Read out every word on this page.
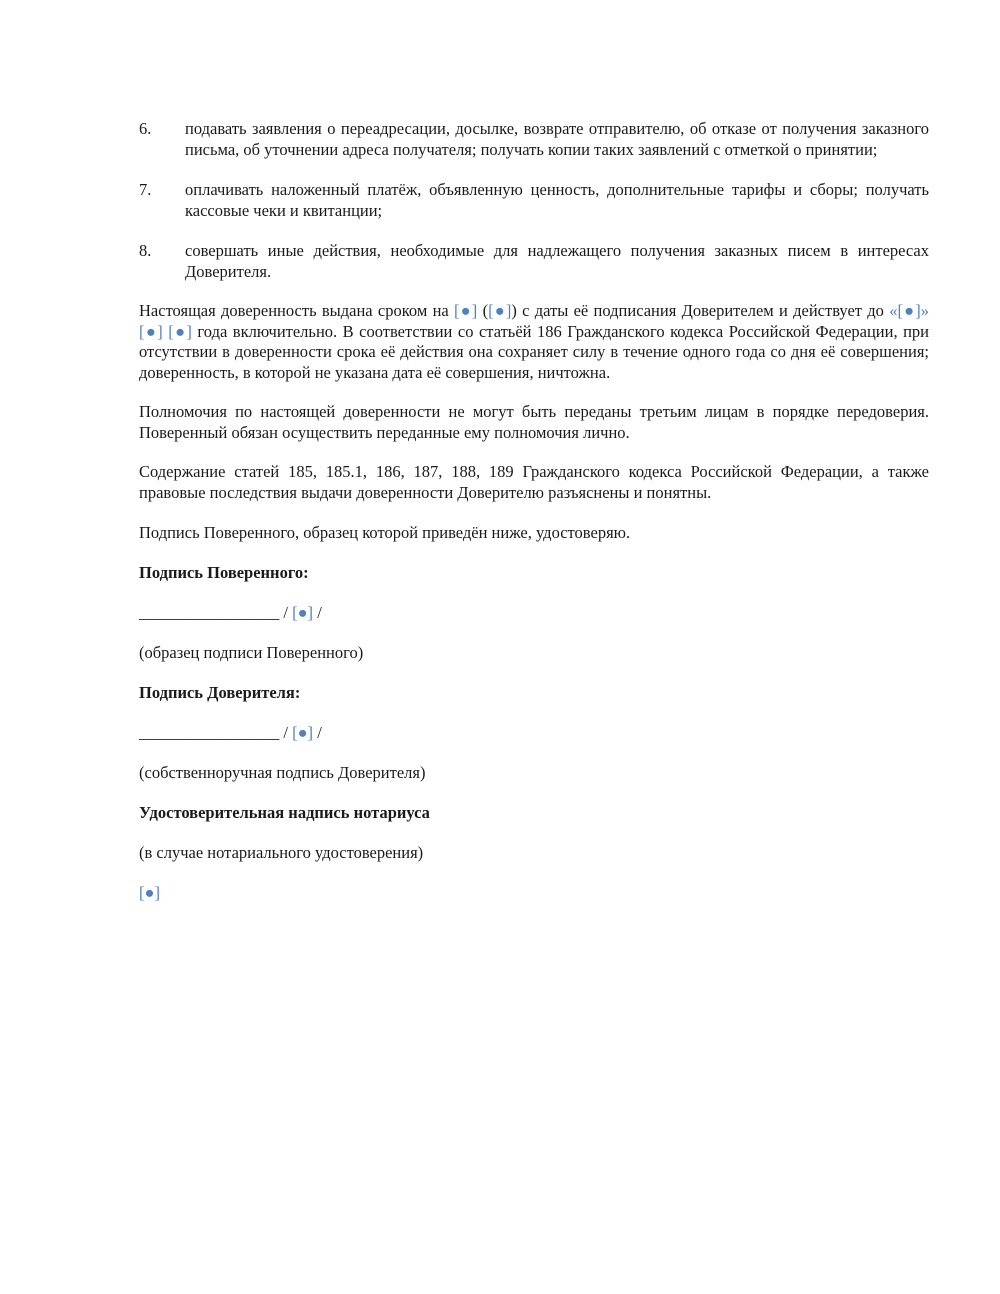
6.	подавать заявления о переадресации, досылке, возврате отправителю, об отказе от получения заказного письма, об уточнении адреса получателя; получать копии таких заявлений с отметкой о принятии;
7.	оплачивать наложенный платёж, объявленную ценность, дополнительные тарифы и сборы; получать кассовые чеки и квитанции;
8.	совершать иные действия, необходимые для надлежащего получения заказных писем в интересах Доверителя.

Настоящая доверенность выдана сроком на [●] ([●]) с даты её подписания Доверителем и действует до «[●]» [●] [●] года включительно. В соответствии со статьёй 186 Гражданского кодекса Российской Федерации, при отсутствии в доверенности срока её действия она сохраняет силу в течение одного года со дня её совершения; доверенность, в которой не указана дата её совершения, ничтожна.

Полномочия по настоящей доверенности не могут быть переданы третьим лицам в порядке передоверия. Поверенный обязан осуществить переданные ему полномочия лично.

Содержание статей 185, 185.1, 186, 187, 188, 189 Гражданского кодекса Российской Федерации, а также правовые последствия выдачи доверенности Доверителю разъяснены и понятны.

Подпись Поверенного, образец которой приведён ниже, удостоверяю.

Подпись Поверенного:

_________________ / [●] /

(образец подписи Поверенного)

Подпись Доверителя:

_________________ / [●] /

(собственноручная подпись Доверителя)

Удостоверительная надпись нотариуса

(в случае нотариального удостоверения)

[●]
